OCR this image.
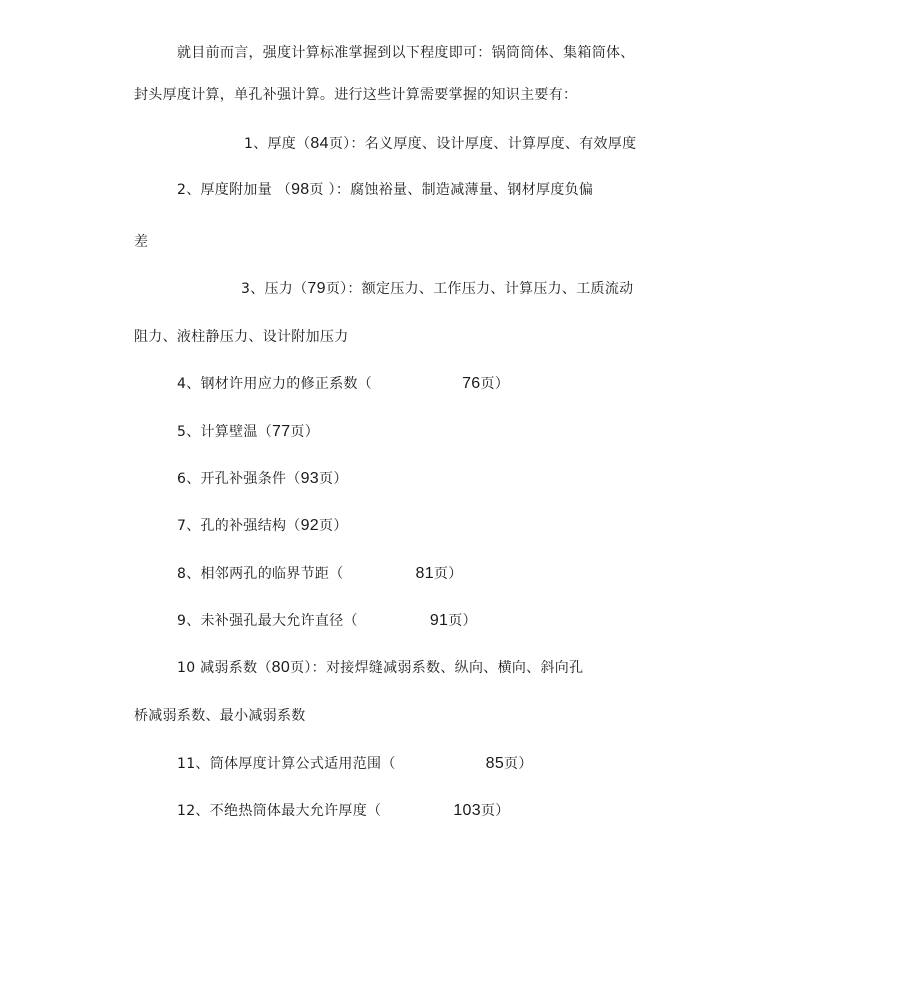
就目前而言，强度计算标准掌握到以下程度即可：锅筒筒体、集箱筒体、
封头厚度计算，单孔补强计算。进行这些计算需要掌握的知识主要有：
1、厚度（84页）：名义厚度、设计厚度、计算厚度、有效厚度
2、厚度附加量 （98页 ）：腐蚀裕量、制造减薄量、钢材厚度负偏
差
3、压力（79页）：额定压力、工作压力、计算压力、工质流动
阻力、液柱静压力、设计附加压力
4、钢材许用应力的修正系数（	76页）
5、计算壁温（77页）
6、开孔补强条件（93页）
7、孔的补强结构（92页）
8、相邻两孔的临界节距（	81页）
9、未补强孔最大允许直径（	91页）
10 减弱系数（80页）：对接焊缝减弱系数、纵向、横向、斜向孔
桥减弱系数、最小减弱系数
11、筒体厚度计算公式适用范围（	85页）
12、不绝热筒体最大允许厚度（	103页）
